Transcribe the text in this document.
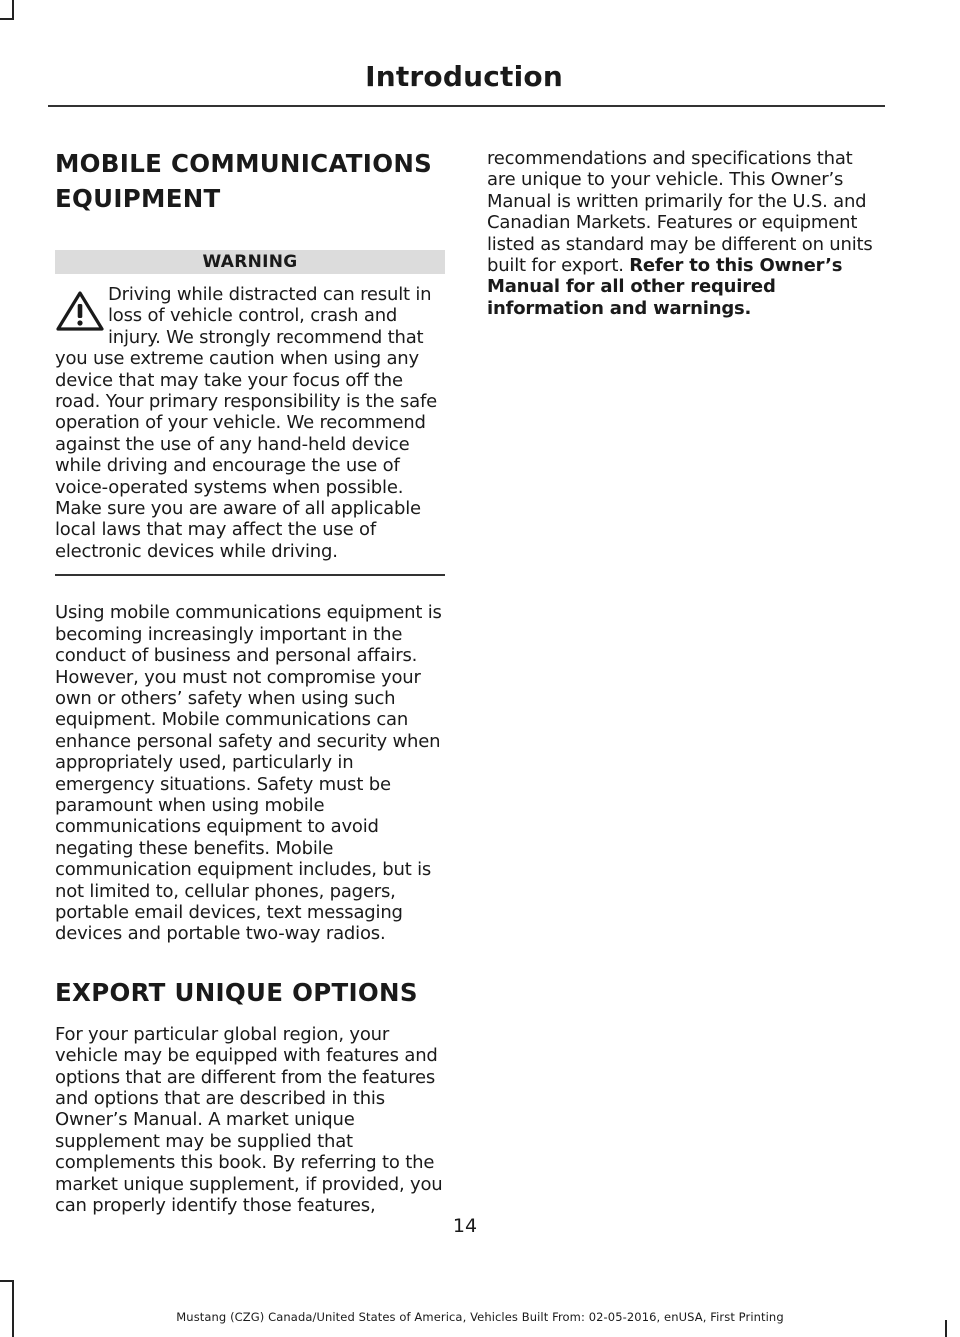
Introduction
MOBILE COMMUNICATIONS
EQUIPMENT
WARNING

Driving while distracted can result in
loss of vehicle control, crash and
injury. We strongly recommend that
you use extreme caution when using any device that may take your focus off the road. Your primary responsibility is the safe operation of your vehicle. We recommend against the use of any hand-held device while driving and encourage the use of voice-operated systems when possible. Make sure you are aware of all applicable local laws that may affect the use of electronic devices while driving.

Using mobile communications equipment is becoming increasingly important in the conduct of business and personal affairs. However, you must not compromise your own or others’ safety when using such equipment. Mobile communications can enhance personal safety and security when appropriately used, particularly in emergency situations. Safety must be paramount when using mobile communications equipment to avoid negating these benefits. Mobile communication equipment includes, but is not limited to, cellular phones, pagers, portable email devices, text messaging devices and portable two-way radios.

EXPORT UNIQUE OPTIONS

For your particular global region, your vehicle may be equipped with features and options that are different from the features and options that are described in this Owner’s Manual. A market unique supplement may be supplied that complements this book. By referring to the market unique supplement, if provided, you can properly identify those features,

recommendations and specifications that are unique to your vehicle. This Owner’s Manual is written primarily for the U.S. and Canadian Markets. Features or equipment listed as standard may be different on units built for export. Refer to this Owner’s Manual for all other required information and warnings.

14
Mustang (CZG) Canada/United States of America, Vehicles Built From: 02-05-2016, enUSA, First Printing
